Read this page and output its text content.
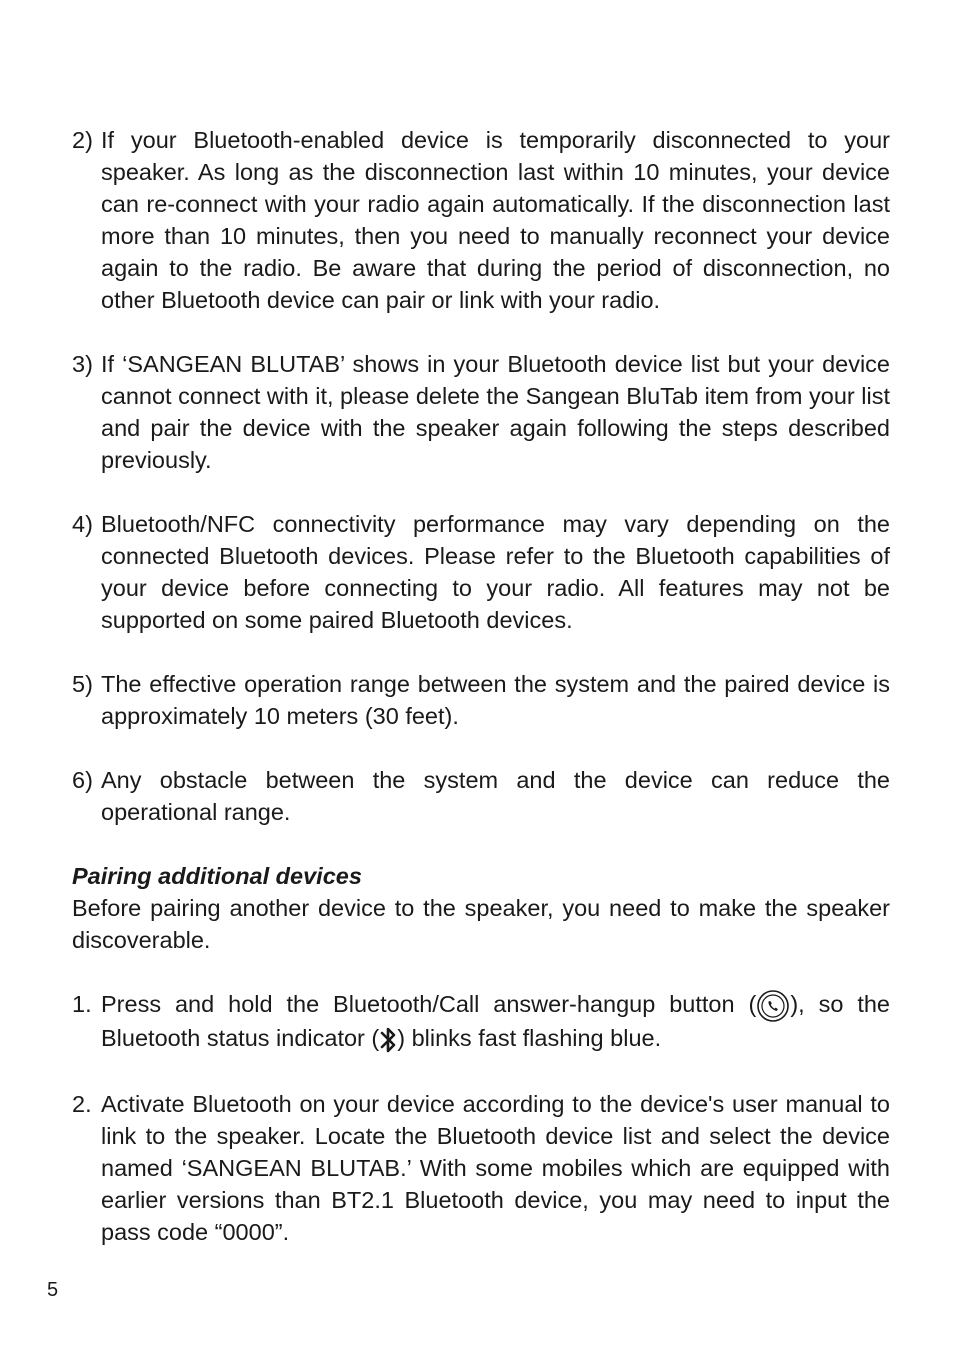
2) If your Bluetooth-enabled device is temporarily disconnected to your speaker. As long as the disconnection last within 10 minutes, your device can re-connect with your radio again automatically. If the disconnection last more than 10 minutes, then you need to manually reconnect your device again to the radio. Be aware that during the period of disconnection, no other Bluetooth device can pair or link with your radio.
3) If ‘SANGEAN BLUTAB’ shows in your Bluetooth device list but your device cannot connect with it, please delete the Sangean BluTab item from your list and pair the device with the speaker again following the steps described previously.
4) Bluetooth/NFC connectivity performance may vary depending on the connected Bluetooth devices. Please refer to the Bluetooth capabilities of your device before connecting to your radio. All features may not be supported on some paired Bluetooth devices.
5) The effective operation range between the system and the paired device is approximately 10 meters (30 feet).
6) Any obstacle between the system and the device can reduce the operational range.

Pairing additional devices

Before pairing another device to the speaker, you need to make the speaker discoverable.

1. Press and hold the Bluetooth/Call answer-hangup button ( ), so the Bluetooth status indicator ( ) blinks fast flashing blue.
2. Activate Bluetooth on your device according to the device's user manual to link to the speaker. Locate the Bluetooth device list and select the device named ‘SANGEAN BLUTAB.’ With some mobiles which are equipped with earlier versions than BT2.1 Bluetooth device, you may need to input the pass code “0000”.
5
